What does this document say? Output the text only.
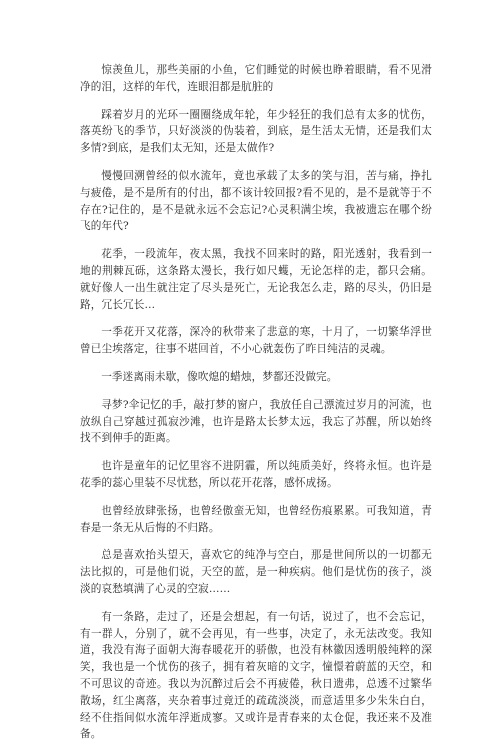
惊羡鱼儿，那些美丽的小鱼，它们睡觉的时候也睁着眼睛，看不见滑净的泪，这样的年代，连眼泪都是肮脏的

踩着岁月的光环一圈圈绕成年轮，年少轻狂的我们总有太多的忧伤，落英纷飞的季节，只好淡淡的伪装着，到底，是生活太无情，还是我们太多情?到底，是我们太无知，还是太做作?

慢慢回溯曾经的似水流年，竟也承载了太多的笑与泪，苦与痛，挣扎与疲倦，是不是所有的付出，都不该计较回报?看不见的，是不是就等于不存在?记住的，是不是就永远不会忘记?心灵积满尘埃，我被遗忘在哪个纷飞的年代?

花季，一段流年，夜太黑，我找不回来时的路，阳光透射，我看到一地的荆棘瓦砾，这条路太漫长，我行如尺蠖，无论怎样的走，都只会痛。就好像人一出生就注定了尽头是死亡，无论我怎么走，路的尽头，仍旧是路，冗长冗长…

一季花开又花落，深冷的秋带来了悲意的寒，十月了，一切繁华浮世曾已尘埃落定，往事不堪回首，不小心就轰伤了昨日纯洁的灵魂。

一季迷离雨未歇，像吹熄的蜡烛，梦都还没做完。

寻梦?伞记忆的手，敲打梦的窗户，我放任自己漂流过岁月的河流，也放纵自己穿越过孤寂沙滩，也许是路太长梦太远，我忘了苏醒，所以始终找不到伸手的距离。

也许是童年的记忆里容不进阴霾，所以纯质美好，终将永恒。也许是花季的蕊心里装不尽忧愁，所以花开花落，感怀成扬。

也曾经放肆张扬，也曾经傲蛮无知，也曾经伤痕累累。可我知道，青春是一条无从后悔的不归路。

总是喜欢抬头望天，喜欢它的纯净与空白，那是世间所以的一切都无法比拟的，可是他们说，天空的蓝，是一种疾病。他们是忧伤的孩子，淡淡的哀愁填满了心灵的空寂……

有一条路，走过了，还是会想起，有一句话，说过了，也不会忘记，有一群人，分别了，就不会再见，有一些事，决定了，永无法改变。我知道，我没有海子面朝大海春暖花开的骄傲，也没有林徽因透明般纯粹的深笑，我也是一个忧伤的孩子，拥有着灰暗的文字，憧憬着蔚蓝的天空，和不可思议的奇迹。我以为沉醉过后会不再疲倦，秋日遗弗，总透不过繁华散场，红尘离落，夹杂着事过竟迁的疏疏淡淡，而意适里多少朱朱白白，经不住指间似水流年浮逝成寥。又或许是青春来的太仓促，我还来不及准备。
